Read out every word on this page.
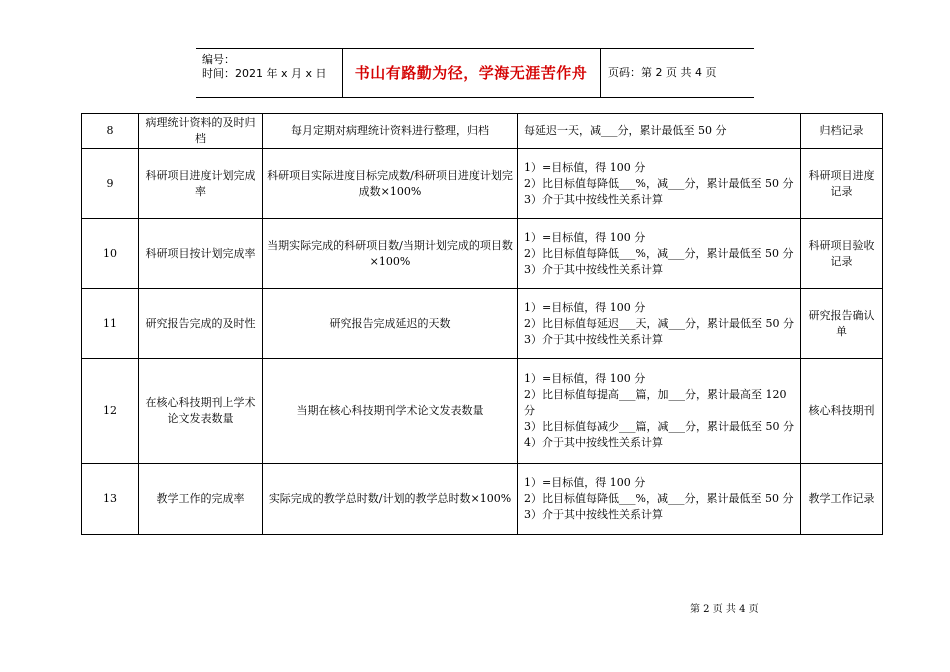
编号：
时间：2021 年 x 月 x 日	书山有路勤为径，学海无涯苦作舟	页码：第 2 页 共 4 页
8	病理统计资料的及时归档	每月定期对病理统计资料进行整理，归档	每延迟一天，减___分，累计最低至 50 分	归档记录
9	科研项目进度计划完成率	科研项目实际进度目标完成数/科研项目进度计划完成数×100%	1）=目标值，得 100 分
2）比目标值每降低___%，减___分，累计最低至 50 分
3）介于其中按线性关系计算	科研项目进度记录
10	科研项目按计划完成率	当期实际完成的科研项目数/当期计划完成的项目数×100%	1）=目标值，得 100 分
2）比目标值每降低___%，减___分，累计最低至 50 分
3）介于其中按线性关系计算	科研项目验收记录
11	研究报告完成的及时性	研究报告完成延迟的天数	1）=目标值，得 100 分
2）比目标值每延迟___天，减___分，累计最低至 50 分
3）介于其中按线性关系计算	研究报告确认单
12	在核心科技期刊上学术论文发表数量	当期在核心科技期刊学术论文发表数量	1）=目标值，得 100 分
2）比目标值每提高___篇，加___分，累计最高至 120 分
3）比目标值每减少___篇，减___分，累计最低至 50 分
4）介于其中按线性关系计算	核心科技期刊
13	教学工作的完成率	实际完成的教学总时数/计划的教学总时数×100%	1）=目标值，得 100 分
2）比目标值每降低___%，减___分，累计最低至 50 分
3）介于其中按线性关系计算	教学工作记录
第 2 页 共 4 页
